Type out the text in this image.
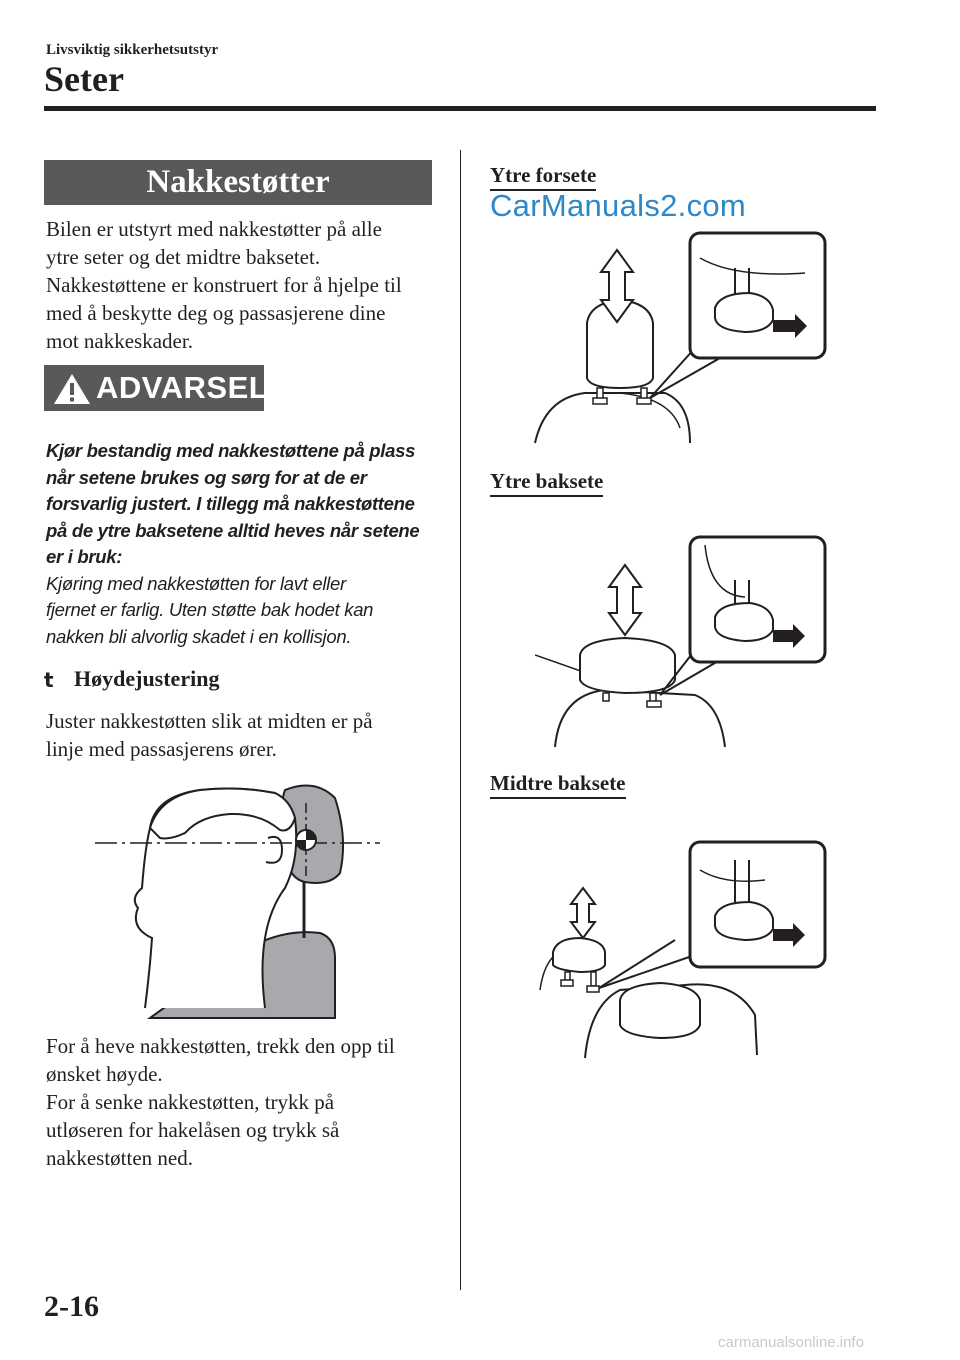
Livsviktig sikkerhetsutstyr
Seter
Nakkestøtter
Bilen er utstyrt med nakkestøtter på alle
ytre seter og det midtre baksetet.
Nakkestøttene er konstruert for å hjelpe til
med å beskytte deg og passasjerene dine
mot nakkeskader.
ADVARSEL
Kjør bestandig med nakkestøttene på plass
når setene brukes og sørg for at de er
forsvarlig justert. I tillegg må nakkestøttene
på de ytre baksetene alltid heves når setene
er i bruk:
Kjøring med nakkestøtten for lavt eller
fjernet er farlig. Uten støtte bak hodet kan
nakken bli alvorlig skadet i en kollisjon.
t Høydejustering
Juster nakkestøtten slik at midten er på
linje med passasjerens ører.
For å heve nakkestøtten, trekk den opp til
ønsket høyde.
For å senke nakkestøtten, trykk på
utløseren for hakelåsen og trykk så
nakkestøtten ned.
Ytre forsete
CarManuals2.com
Ytre baksete
Midtre baksete
2-16
carmanualsonline.info
